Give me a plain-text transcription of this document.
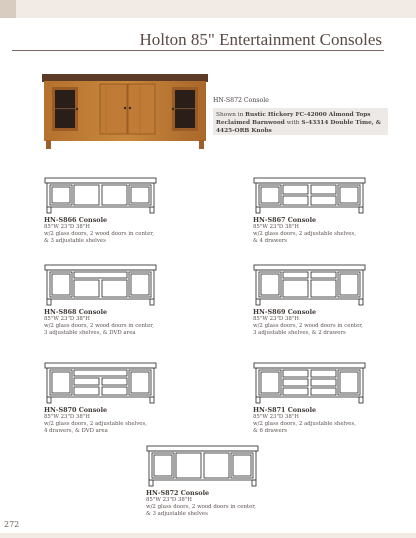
Holton 85" Entertainment Consoles
HN-S872 Console
Shown in Rustic Hickory FC-42000 Almond Tops Reclaimed Barnwood with S-43314 Double Time, & 4425-ORB Knobs
HN-S866 Console
85"W 23"D 38"H
w/2 glass doors, 2 wood doors in center,
& 3 adjustable shelves
HN-S867 Console
85"W 23"D 38"H
w/2 glass doors, 2 adjustable shelves,
& 4 drawers
HN-S868 Console
85"W 23"D 38"H
w/2 glass doors, 2 wood doors in center,
3 adjustable shelves, & DVD area
HN-S869 Console
85"W 23"D 38"H
w/2 glass doors, 2 wood doors in center,
3 adjustable shelves, & 2 drawers
HN-S870 Console
85"W 23"D 38"H
w/2 glass doors, 2 adjustable shelves,
4 drawers, & DVD area
HN-S871 Console
85"W 23"D 38"H
w/2 glass doors, 2 adjustable shelves,
& 6 drawers
HN-S872 Console
85"W 23"D 38"H
w/2 glass doors, 2 wood doors in center,
& 3 adjustable shelves
272
